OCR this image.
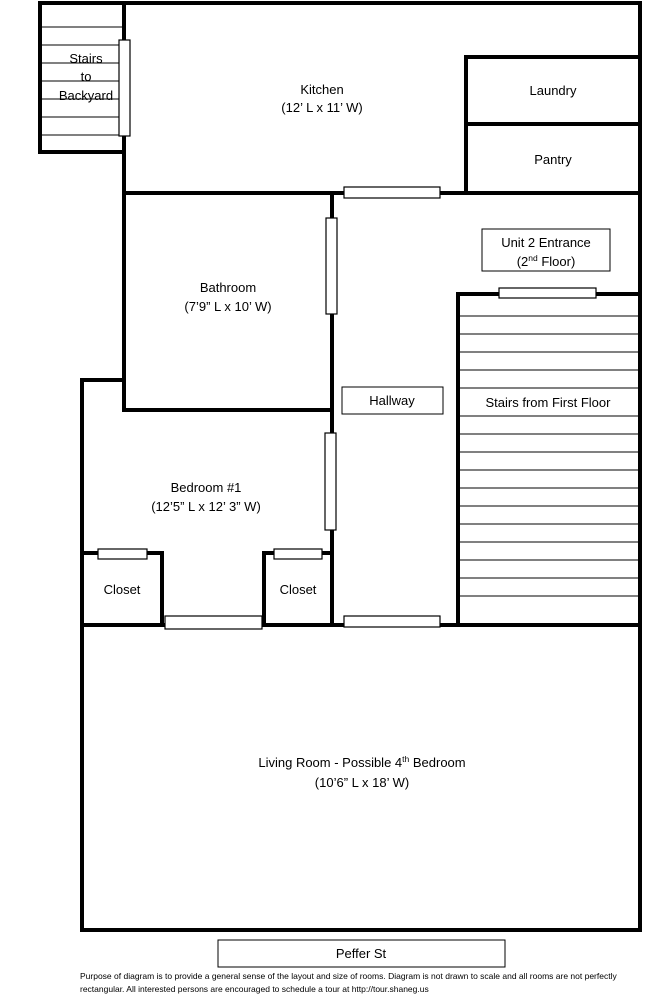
Stairs
to
Backyard	Kitchen
(12’ L x 11’ W)
Laundry
Pantry
Unit 2 Entrance
(2nd Floor)
Bathroom
(7’9” L x 10’ W)
Hallway	Stairs from First Floor
Bedroom #1
(12’5” L x 12’ 3” W)
Closet	Closet
Living Room - Possible 4th Bedroom
(10’6” L x 18’ W)
Peffer St
Purpose of diagram is to provide a general sense of the layout and size of rooms. Diagram is not drawn to scale and all rooms are not perfectly
rectangular. All interested persons are encouraged to schedule a tour at http://tour.shaneg.us
